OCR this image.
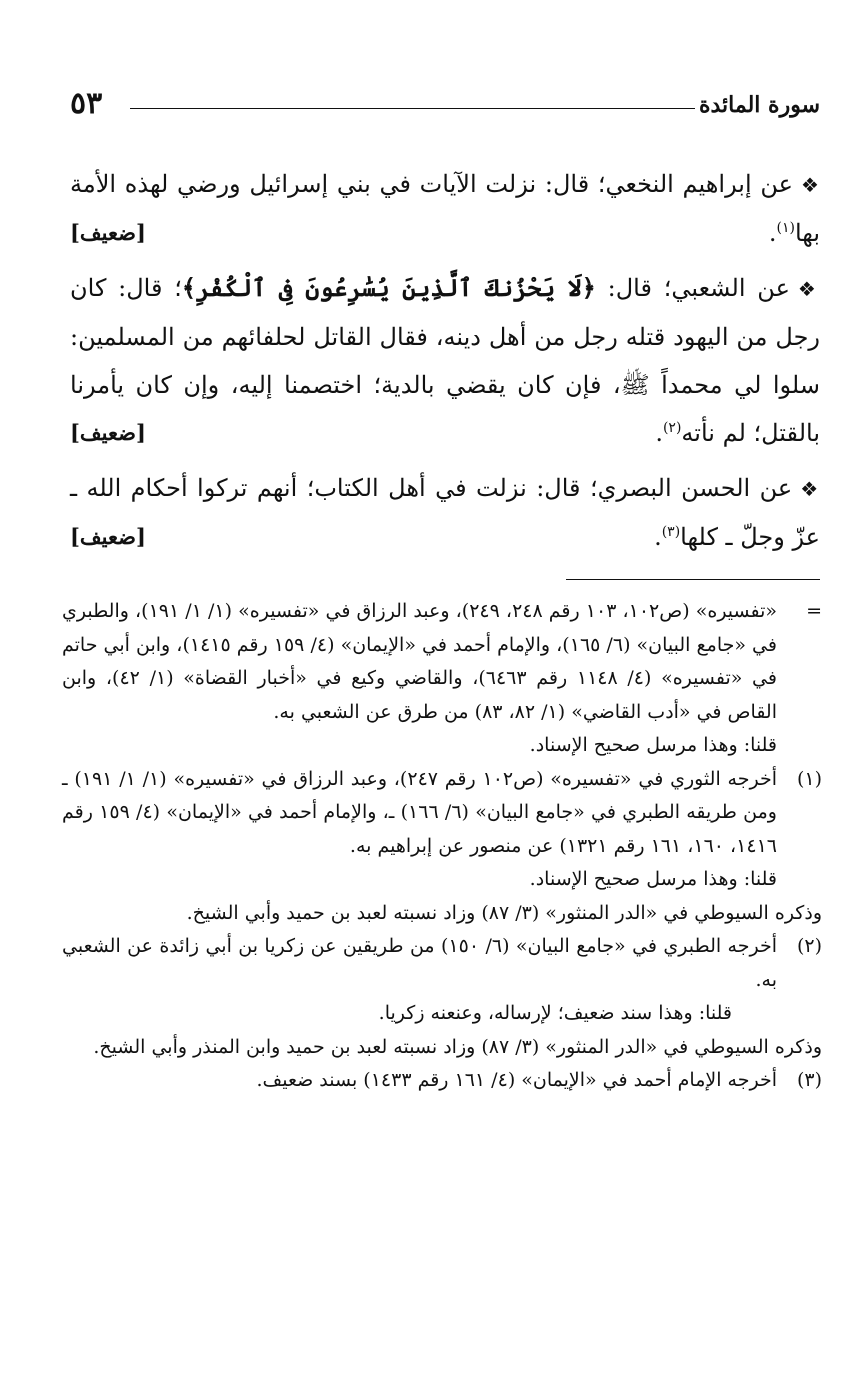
سورة المائدة
٥٣

❖عن إبراهيم النخعي؛ قال: نزلت الآيات في بني إسرائيل ورضي لهذه الأمة بها$^{(١)}$.
[ضعيف]

❖عن الشعبي؛ قال: ﴿لَا يَحْزُنكَ ٱلَّذِينَ يُسَٰرِعُونَ فِى ٱلْكُفْرِ﴾؛ قال: كان رجل من اليهود قتله رجل من أهل دينه، فقال القاتل لحلفائهم من المسلمين: سلوا لي محمداً ﷺ، فإن كان يقضي بالدية؛ اختصمنا إليه، وإن كان يأمرنا بالقتل؛ لم نأته$^{(٢)}$.
[ضعيف]

❖عن الحسن البصري؛ قال: نزلت في أهل الكتاب؛ أنهم تركوا أحكام الله ـ عزّ وجلّ ـ كلها$^{(٣)}$.
[ضعيف]

=
«تفسيره» (ص١٠٢، ١٠٣ رقم ٢٤٨، ٢٤٩)، وعبد الرزاق في «تفسيره» (١/ ١/ ١٩١)، والطبري في «جامع البيان» (٦/ ١٦٥)، والإمام أحمد في «الإيمان» (٤/ ١٥٩ رقم ١٤١٥)، وابن أبي حاتم في «تفسيره» (٤/ ١١٤٨ رقم ٦٤٦٣)، والقاضي وكيع في «أخبار القضاة» (١/ ٤٢)، وابن القاص في «أدب القاضي» (١/ ٨٢، ٨٣) من طرق عن الشعبي به.
قلنا: وهذا مرسل صحيح الإسناد.
(١)
أخرجه الثوري في «تفسيره» (ص١٠٢ رقم ٢٤٧)، وعبد الرزاق في «تفسيره» (١/ ١/ ١٩١) ـ ومن طريقه الطبري في «جامع البيان» (٦/ ١٦٦) ـ، والإمام أحمد في «الإيمان» (٤/ ١٥٩ رقم ١٤١٦، ١٦٠، ١٦١ رقم ١٣٢١) عن منصور عن إبراهيم به.
قلنا: وهذا مرسل صحيح الإسناد.
وذكره السيوطي في «الدر المنثور» (٣/ ٨٧) وزاد نسبته لعبد بن حميد وأبي الشيخ.
(٢)
أخرجه الطبري في «جامع البيان» (٦/ ١٥٠) من طريقين عن زكريا بن أبي زائدة عن الشعبي به.
قلنا: وهذا سند ضعيف؛ لإرساله، وعنعنه زكريا.
وذكره السيوطي في «الدر المنثور» (٣/ ٨٧) وزاد نسبته لعبد بن حميد وابن المنذر وأبي الشيخ.
(٣)
أخرجه الإمام أحمد في «الإيمان» (٤/ ١٦١ رقم ١٤٣٣) بسند ضعيف.
